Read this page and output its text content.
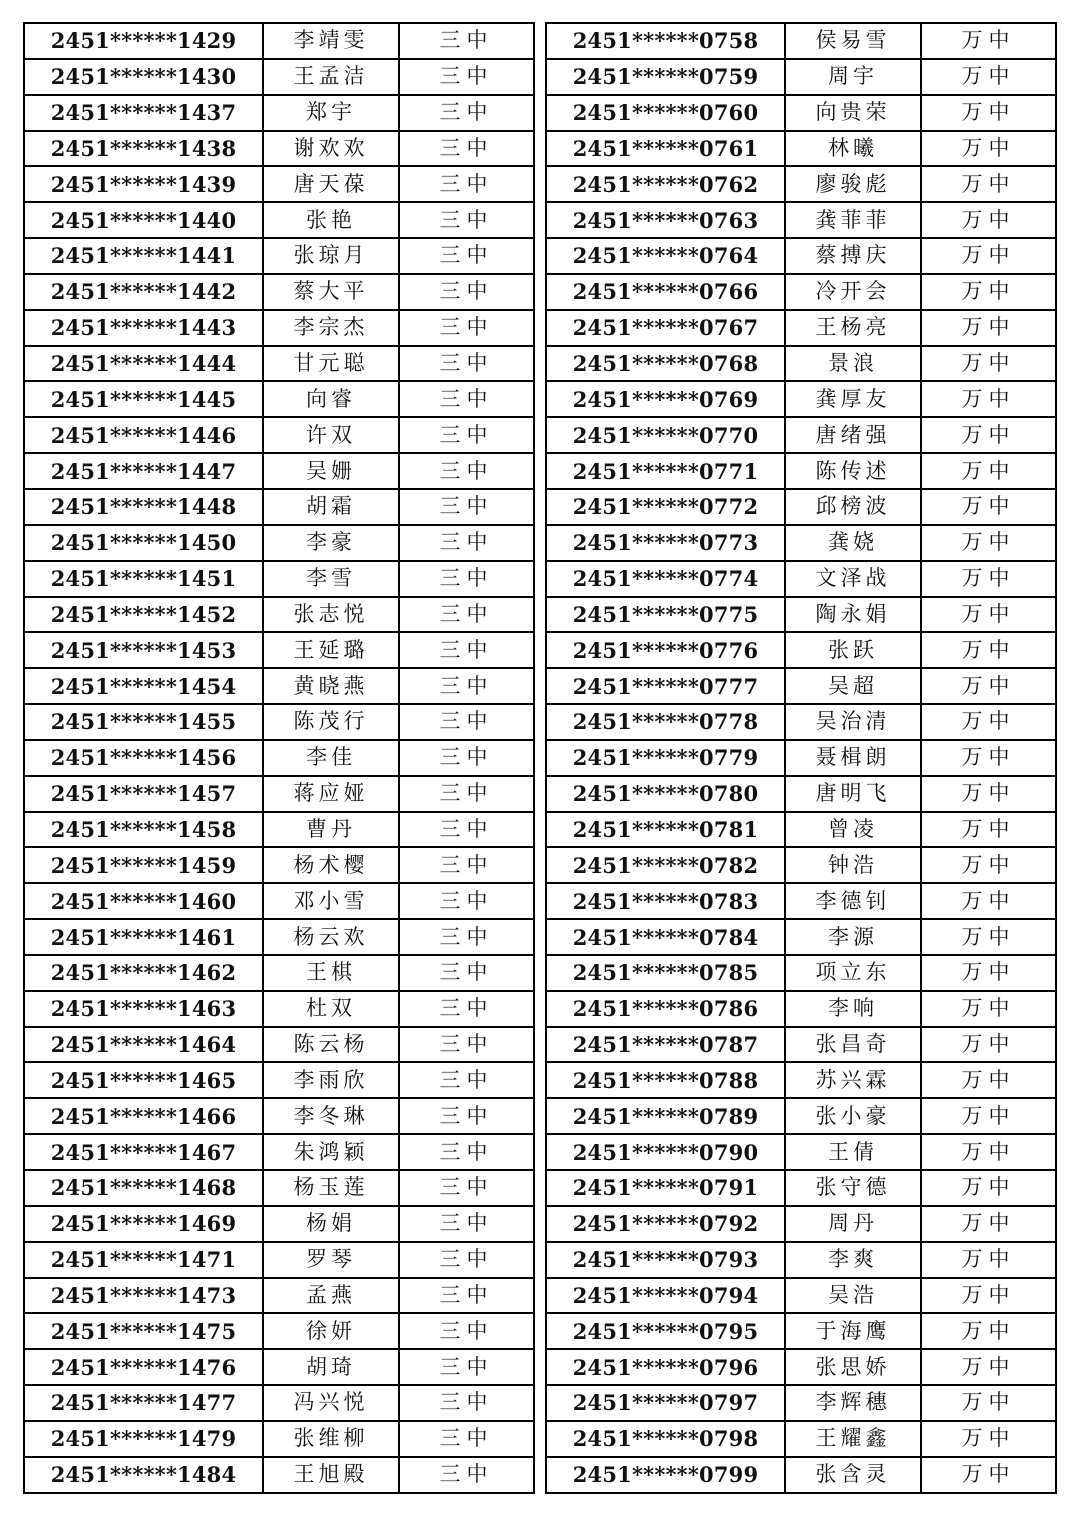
2451******1429	李靖雯	三中
2451******1430	王孟洁	三中
2451******1437	郑宇	三中
2451******1438	谢欢欢	三中
2451******1439	唐天葆	三中
2451******1440	张艳	三中
2451******1441	张琼月	三中
2451******1442	蔡大平	三中
2451******1443	李宗杰	三中
2451******1444	甘元聪	三中
2451******1445	向睿	三中
2451******1446	许双	三中
2451******1447	吴姗	三中
2451******1448	胡霜	三中
2451******1450	李豪	三中
2451******1451	李雪	三中
2451******1452	张志悦	三中
2451******1453	王延璐	三中
2451******1454	黄晓燕	三中
2451******1455	陈茂行	三中
2451******1456	李佳	三中
2451******1457	蒋应娅	三中
2451******1458	曹丹	三中
2451******1459	杨术樱	三中
2451******1460	邓小雪	三中
2451******1461	杨云欢	三中
2451******1462	王棋	三中
2451******1463	杜双	三中
2451******1464	陈云杨	三中
2451******1465	李雨欣	三中
2451******1466	李冬琳	三中
2451******1467	朱鸿颖	三中
2451******1468	杨玉莲	三中
2451******1469	杨娟	三中
2451******1471	罗琴	三中
2451******1473	孟燕	三中
2451******1475	徐妍	三中
2451******1476	胡琦	三中
2451******1477	冯兴悦	三中
2451******1479	张维柳	三中
2451******1484	王旭殿	三中
2451******0758	侯易雪	万中
2451******0759	周宇	万中
2451******0760	向贵荣	万中
2451******0761	林曦	万中
2451******0762	廖骏彪	万中
2451******0763	龚菲菲	万中
2451******0764	蔡搏庆	万中
2451******0766	冷开会	万中
2451******0767	王杨亮	万中
2451******0768	景浪	万中
2451******0769	龚厚友	万中
2451******0770	唐绪强	万中
2451******0771	陈传述	万中
2451******0772	邱榜波	万中
2451******0773	龚娆	万中
2451******0774	文泽战	万中
2451******0775	陶永娟	万中
2451******0776	张跃	万中
2451******0777	吴超	万中
2451******0778	吴治清	万中
2451******0779	聂楫朗	万中
2451******0780	唐明飞	万中
2451******0781	曾凌	万中
2451******0782	钟浩	万中
2451******0783	李德钊	万中
2451******0784	李源	万中
2451******0785	项立东	万中
2451******0786	李响	万中
2451******0787	张昌奇	万中
2451******0788	苏兴霖	万中
2451******0789	张小豪	万中
2451******0790	王倩	万中
2451******0791	张守德	万中
2451******0792	周丹	万中
2451******0793	李爽	万中
2451******0794	吴浩	万中
2451******0795	于海鹰	万中
2451******0796	张思娇	万中
2451******0797	李辉穗	万中
2451******0798	王耀鑫	万中
2451******0799	张含灵	万中
